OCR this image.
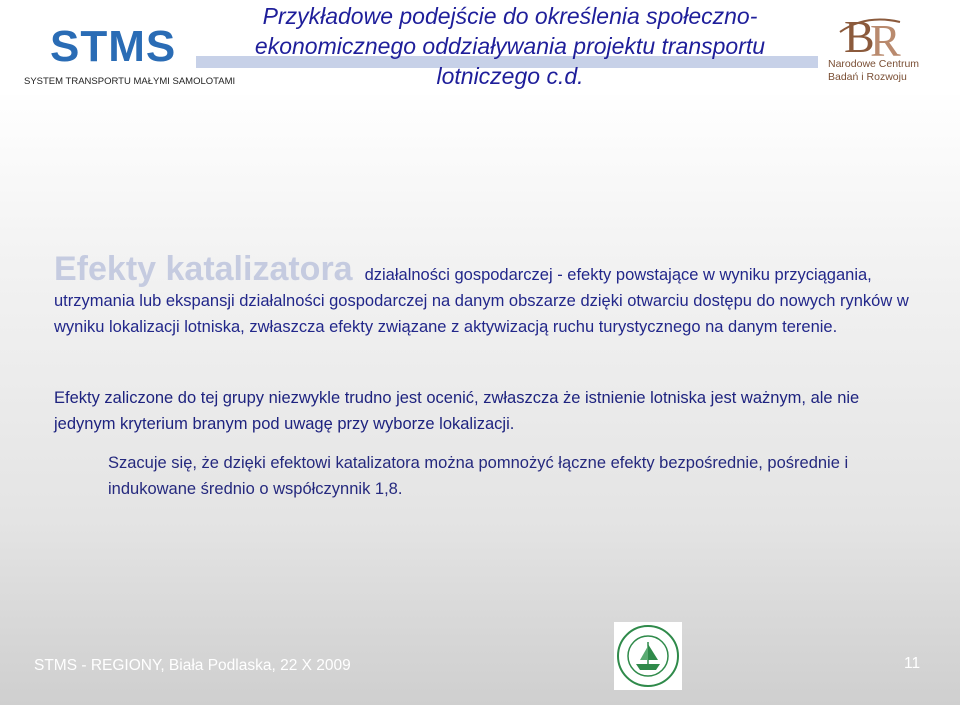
STMS
SYSTEM TRANSPORTU MAŁYMI SAMOLOTAMI
Przykładowe podejście do określenia społeczno-
ekonomicznego oddziaływania projektu transportu
lotniczego c.d.
B
R
Narodowe Centrum
Badań i Rozwoju

Efekty katalizatora działalności gospodarczej - efekty powstające w wyniku przyciągania, utrzymania lub ekspansji działalności gospodarczej na danym obszarze dzięki otwarciu dostępu do nowych rynków w wyniku lokalizacji lotniska, zwłaszcza efekty związane z aktywizacją ruchu turystycznego na danym terenie.

Efekty zaliczone do tej grupy niezwykle trudno jest ocenić, zwłaszcza że istnienie lotniska jest ważnym, ale nie jedynym kryterium branym pod uwagę przy wyborze lokalizacji.

Szacuje się, że dzięki efektowi katalizatora można pomnożyć łączne efekty bezpośrednie, pośrednie i indukowane średnio o współczynnik 1,8.

STMS - REGIONY, Biała Podlaska, 22 X 2009	11
